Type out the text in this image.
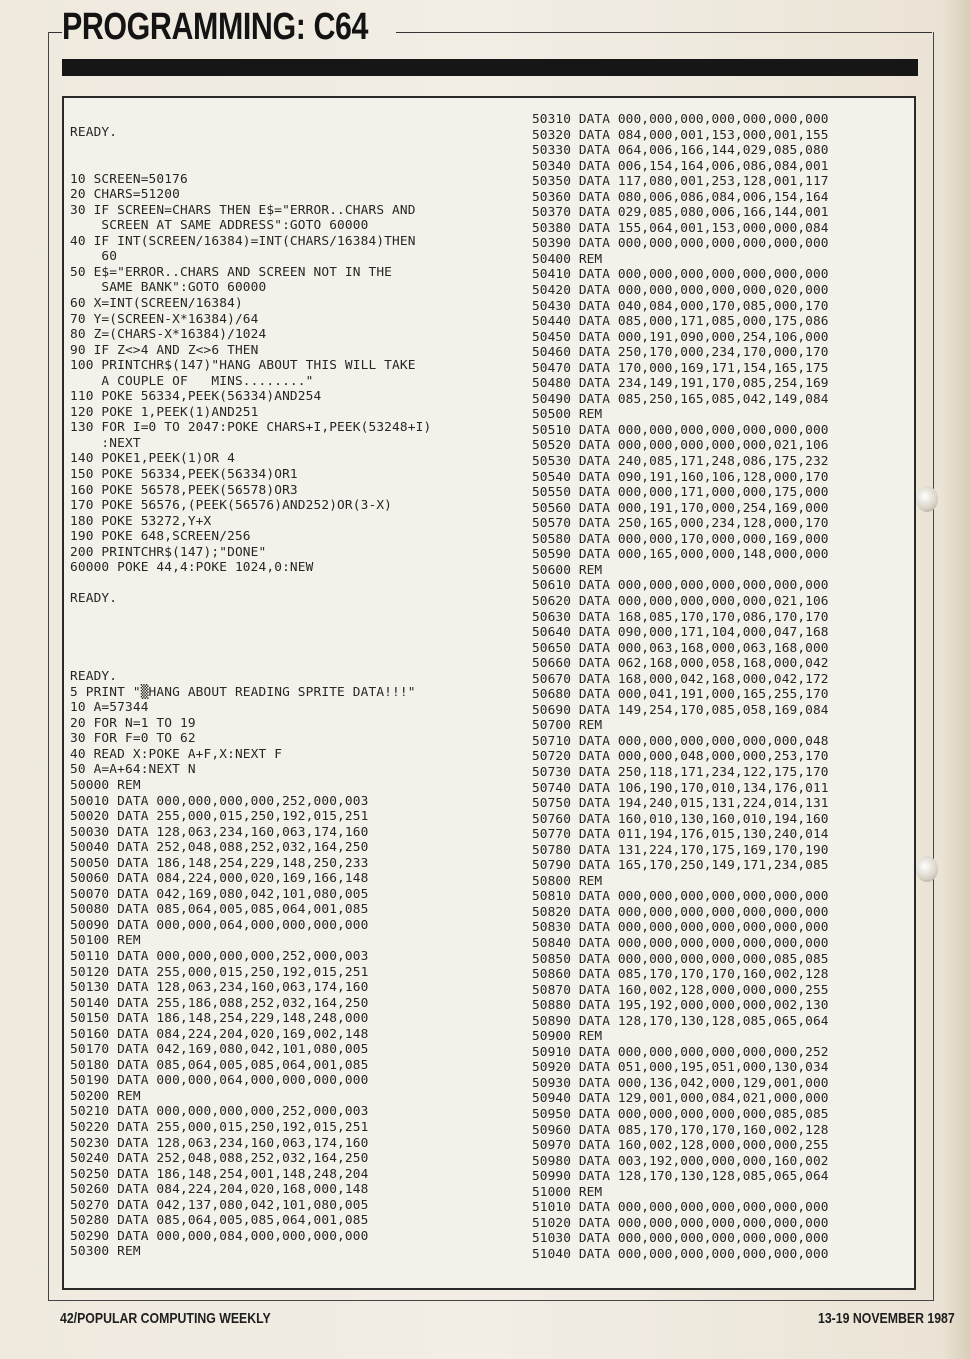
PROGRAMMING: C64
READY.

10 SCREEN=50176
20 CHARS=51200
30 IF SCREEN=CHARS THEN E$="ERROR..CHARS AND
SCREEN AT SAME ADDRESS":GOTO 60000
40 IF INT(SCREEN/16384)=INT(CHARS/16384)THEN
60
50 E$="ERROR..CHARS AND SCREEN NOT IN THE
SAME BANK":GOTO 60000
60 X=INT(SCREEN/16384)
70 Y=(SCREEN-X*16384)/64
80 Z=(CHARS-X*16384)/1024
90 IF Z<>4 AND Z<>6 THEN
100 PRINTCHR$(147)"HANG ABOUT THIS WILL TAKE
A COUPLE OF   MINS........"
110 POKE 56334,PEEK(56334)AND254
120 POKE 1,PEEK(1)AND251
130 FOR I=0 TO 2047:POKE CHARS+I,PEEK(53248+I)
:NEXT
140 POKE1,PEEK(1)OR 4
150 POKE 56334,PEEK(56334)OR1
160 POKE 56578,PEEK(56578)OR3
170 POKE 56576,(PEEK(56576)AND252)OR(3-X)
180 POKE 53272,Y+X
190 POKE 648,SCREEN/256
200 PRINTCHR$(147);"DONE"
60000 POKE 44,4:POKE 1024,0:NEW

READY.

READY.
5 PRINT "▒HANG ABOUT READING SPRITE DATA!!!"
10 A=57344
20 FOR N=1 TO 19
30 FOR F=0 TO 62
40 READ X:POKE A+F,X:NEXT F
50 A=A+64:NEXT N
50000 REM
50010 DATA 000,000,000,000,252,000,003
50020 DATA 255,000,015,250,192,015,251
50030 DATA 128,063,234,160,063,174,160
50040 DATA 252,048,088,252,032,164,250
50050 DATA 186,148,254,229,148,250,233
50060 DATA 084,224,000,020,169,166,148
50070 DATA 042,169,080,042,101,080,005
50080 DATA 085,064,005,085,064,001,085
50090 DATA 000,000,064,000,000,000,000
50100 REM
50110 DATA 000,000,000,000,252,000,003
50120 DATA 255,000,015,250,192,015,251
50130 DATA 128,063,234,160,063,174,160
50140 DATA 255,186,088,252,032,164,250
50150 DATA 186,148,254,229,148,248,000
50160 DATA 084,224,204,020,169,002,148
50170 DATA 042,169,080,042,101,080,005
50180 DATA 085,064,005,085,064,001,085
50190 DATA 000,000,064,000,000,000,000
50200 REM
50210 DATA 000,000,000,000,252,000,003
50220 DATA 255,000,015,250,192,015,251
50230 DATA 128,063,234,160,063,174,160
50240 DATA 252,048,088,252,032,164,250
50250 DATA 186,148,254,001,148,248,204
50260 DATA 084,224,204,020,168,000,148
50270 DATA 042,137,080,042,101,080,005
50280 DATA 085,064,005,085,064,001,085
50290 DATA 000,000,084,000,000,000,000
50300 REM

50310 DATA 000,000,000,000,000,000,000
50320 DATA 084,000,001,153,000,001,155
50330 DATA 064,006,166,144,029,085,080
50340 DATA 006,154,164,006,086,084,001
50350 DATA 117,080,001,253,128,001,117
50360 DATA 080,006,086,084,006,154,164
50370 DATA 029,085,080,006,166,144,001
50380 DATA 155,064,001,153,000,000,084
50390 DATA 000,000,000,000,000,000,000
50400 REM
50410 DATA 000,000,000,000,000,000,000
50420 DATA 000,000,000,000,000,020,000
50430 DATA 040,084,000,170,085,000,170
50440 DATA 085,000,171,085,000,175,086
50450 DATA 000,191,090,000,254,106,000
50460 DATA 250,170,000,234,170,000,170
50470 DATA 170,000,169,171,154,165,175
50480 DATA 234,149,191,170,085,254,169
50490 DATA 085,250,165,085,042,149,084
50500 REM
50510 DATA 000,000,000,000,000,000,000
50520 DATA 000,000,000,000,000,021,106
50530 DATA 240,085,171,248,086,175,232
50540 DATA 090,191,160,106,128,000,170
50550 DATA 000,000,171,000,000,175,000
50560 DATA 000,191,170,000,254,169,000
50570 DATA 250,165,000,234,128,000,170
50580 DATA 000,000,170,000,000,169,000
50590 DATA 000,165,000,000,148,000,000
50600 REM
50610 DATA 000,000,000,000,000,000,000
50620 DATA 000,000,000,000,000,021,106
50630 DATA 168,085,170,170,086,170,170
50640 DATA 090,000,171,104,000,047,168
50650 DATA 000,063,168,000,063,168,000
50660 DATA 062,168,000,058,168,000,042
50670 DATA 168,000,042,168,000,042,172
50680 DATA 000,041,191,000,165,255,170
50690 DATA 149,254,170,085,058,169,084
50700 REM
50710 DATA 000,000,000,000,000,000,048
50720 DATA 000,000,048,000,000,253,170
50730 DATA 250,118,171,234,122,175,170
50740 DATA 106,190,170,010,134,176,011
50750 DATA 194,240,015,131,224,014,131
50760 DATA 160,010,130,160,010,194,160
50770 DATA 011,194,176,015,130,240,014
50780 DATA 131,224,170,175,169,170,190
50790 DATA 165,170,250,149,171,234,085
50800 REM
50810 DATA 000,000,000,000,000,000,000
50820 DATA 000,000,000,000,000,000,000
50830 DATA 000,000,000,000,000,000,000
50840 DATA 000,000,000,000,000,000,000
50850 DATA 000,000,000,000,000,085,085
50860 DATA 085,170,170,170,160,002,128
50870 DATA 160,002,128,000,000,000,255
50880 DATA 195,192,000,000,000,002,130
50890 DATA 128,170,130,128,085,065,064
50900 REM
50910 DATA 000,000,000,000,000,000,252
50920 DATA 051,000,195,051,000,130,034
50930 DATA 000,136,042,000,129,001,000
50940 DATA 129,001,000,084,021,000,000
50950 DATA 000,000,000,000,000,085,085
50960 DATA 085,170,170,170,160,002,128
50970 DATA 160,002,128,000,000,000,255
50980 DATA 003,192,000,000,000,160,002
50990 DATA 128,170,130,128,085,065,064
51000 REM
51010 DATA 000,000,000,000,000,000,000
51020 DATA 000,000,000,000,000,000,000
51030 DATA 000,000,000,000,000,000,000
51040 DATA 000,000,000,000,000,000,000

42/POPULAR COMPUTING WEEKLY	13-19 NOVEMBER 1987
